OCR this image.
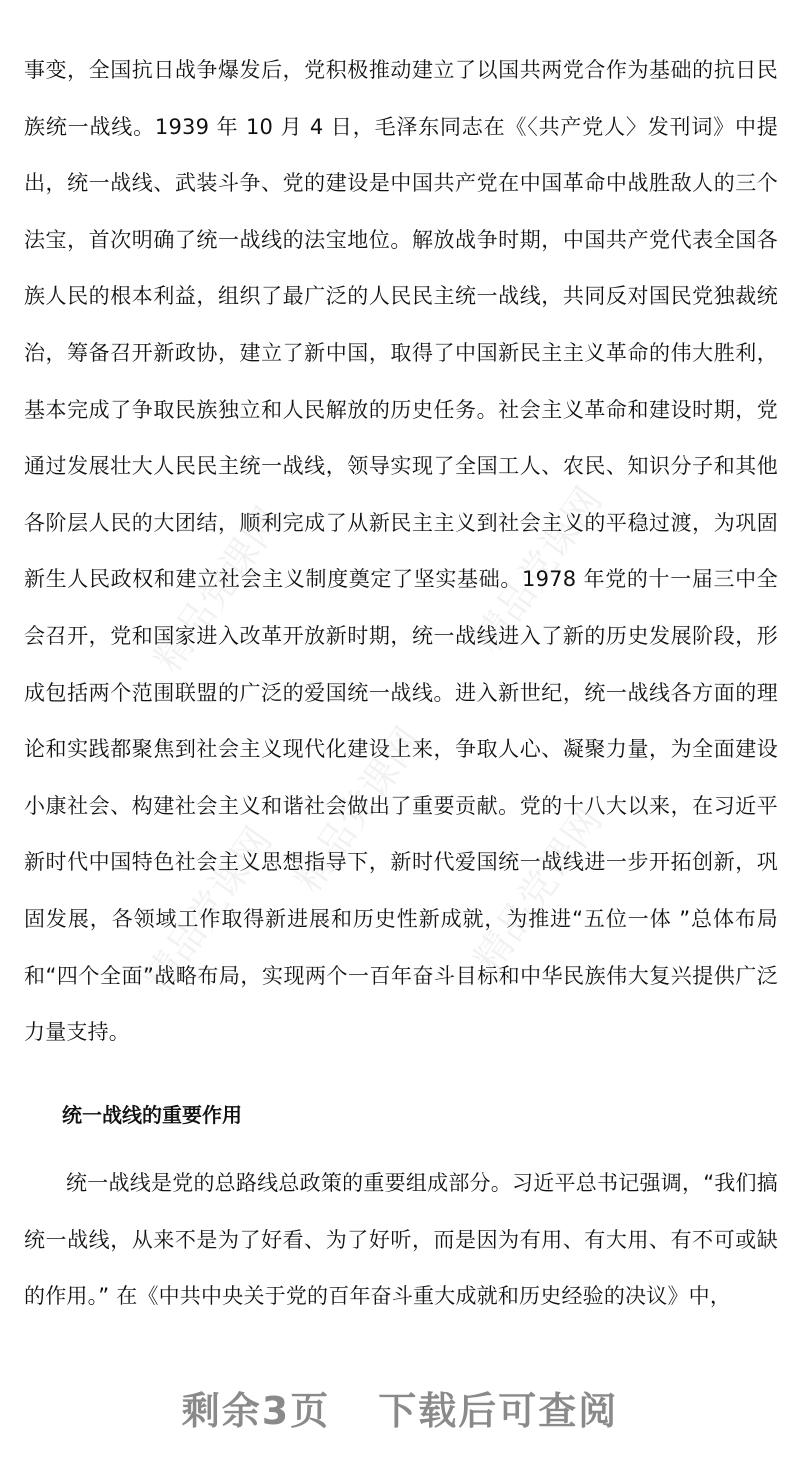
精品党课网	精品党课网
精品党课网
精品党课网	精品党课网

事变，全国抗日战争爆发后，党积极推动建立了以国共两党合作为基础的抗日民族统一战线。1939 年 10 月 4 日，毛泽东同志在《〈共产党人〉发刊词》中提出，统一战线、武装斗争、党的建设是中国共产党在中国革命中战胜敌人的三个法宝，首次明确了统一战线的法宝地位。解放战争时期，中国共产党代表全国各族人民的根本利益，组织了最广泛的人民民主统一战线，共同反对国民党独裁统治，筹备召开新政协，建立了新中国，取得了中国新民主主义革命的伟大胜利，基本完成了争取民族独立和人民解放的历史任务。社会主义革命和建设时期，党通过发展壮大人民民主统一战线，领导实现了全国工人、农民、知识分子和其他各阶层人民的大团结，顺利完成了从新民主主义到社会主义的平稳过渡，为巩固新生人民政权和建立社会主义制度奠定了坚实基础。1978 年党的十一届三中全会召开，党和国家进入改革开放新时期，统一战线进入了新的历史发展阶段，形成包括两个范围联盟的广泛的爱国统一战线。进入新世纪，统一战线各方面的理论和实践都聚焦到社会主义现代化建设上来，争取人心、凝聚力量，为全面建设小康社会、构建社会主义和谐社会做出了重要贡献。党的十八大以来，在习近平新时代中国特色社会主义思想指导下，新时代爱国统一战线进一步开拓创新，巩固发展，各领域工作取得新进展和历史性新成就，为推进“五位一体 ”总体布局和“四个全面”战略布局，实现两个一百年奋斗目标和中华民族伟大复兴提供广泛力量支持。

统一战线的重要作用

统一战线是党的总路线总政策的重要组成部分。习近平总书记强调，“我们搞统一战线，从来不是为了好看、为了好听，而是因为有用、有大用、有不可或缺的作用。” 在《中共中央关于党的百年奋斗重大成就和历史经验的决议》中，

剩余3页 下载后可查阅
